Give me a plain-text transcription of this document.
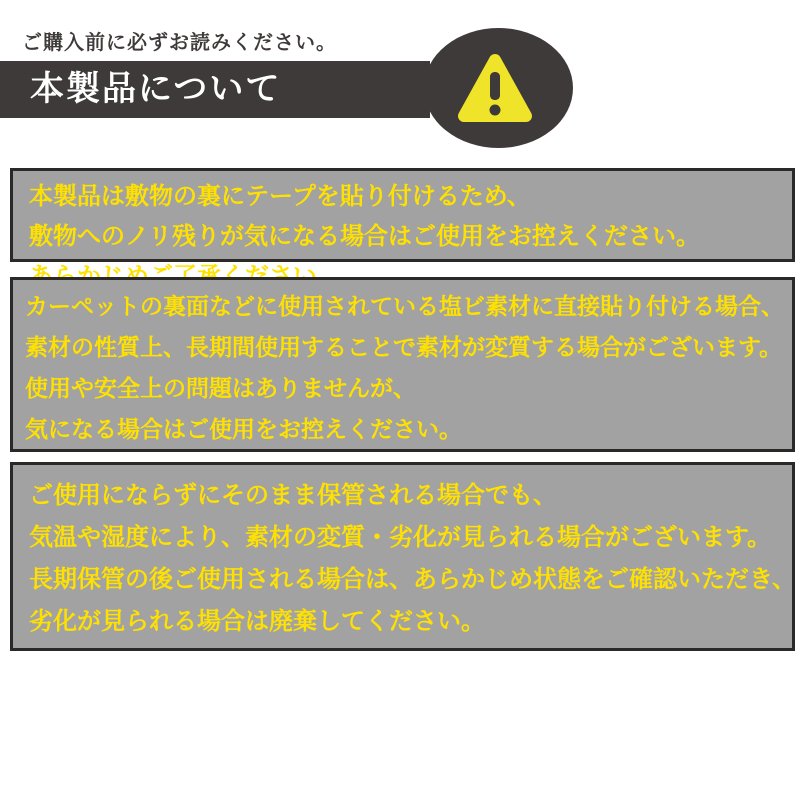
ご購入前に必ずお読みください。
本製品について

本製品は敷物の裏にテープを貼り付けるため、

敷物へのノリ残りが気になる場合はご使用をお控えください。

カーペットの裏面などに使用されている塩ビ素材に直接貼り付ける場合、

素材の性質上、長期間使用することで素材が変質する場合がございます。

使用や安全上の問題はありませんが、

気になる場合はご使用をお控えください。

ご使用にならずにそのまま保管される場合でも、

気温や湿度により、素材の変質・劣化が見られる場合がございます。

長期保管の後ご使用される場合は、あらかじめ状態をご確認いただき、

劣化が見られる場合は廃棄してください。
